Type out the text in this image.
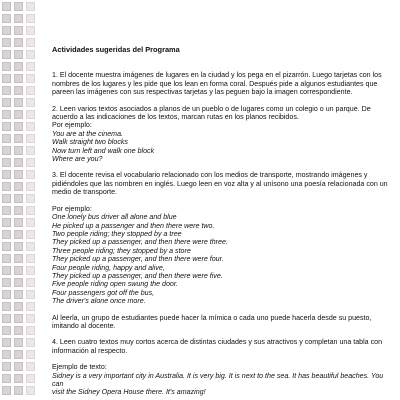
Actividades sugeridas del Programa

1. El docente muestra imágenes de lugares en la ciudad y los pega en el pizarrón. Luego tarjetas con los nombres de los lugares y les pide que los lean en forma coral. Después pide a algunos estudiantes que pareen las imágenes con sus respectivas tarjetas y las peguen bajo la imagen correspondiente.

2. Leen varios textos asociados a planos de un pueblo o de lugares como un colegio o un parque. De acuerdo a las indicaciones de los textos, marcan rutas en los planos recibidos.

Por ejemplo:

You are at the cinema.

Walk straight two blocks

Now turn left and walk one block

Where are you?

3. El docente revisa el vocabulario relacionado con los medios de transporte, mostrando imágenes y pidiéndoles que las nombren en inglés. Luego leen en voz alta y al unísono una poesía relacionada con un medio de transporte.

Por ejemplo:

One lonely bus driver all alone and blue

He picked up a passenger and then there were two.

Two people riding; they stopped by a tree

They picked up a passenger, and then there were three.

Three people riding; they stopped by a store

They picked up a passenger, and then there were four.

Four people riding, happy and alive,

They picked up a passenger, and then there were five.

Five people riding open swung the door.

Four passengers got off the bus,

The driver's alone once more.

Al leerla, un grupo de estudiantes puede hacer la mímica o cada uno puede hacerla desde su puesto, imitando al docente.

4. Leen cuatro textos muy cortos acerca de distintas ciudades y sus atractivos y completan una tabla con información al respecto.

Ejemplo de texto:

Sidney is a very important city in Australia. It is very big. It is next to the sea. It has beautiful beaches. You can

visit the Sidney Opera House there. It's amazing!
